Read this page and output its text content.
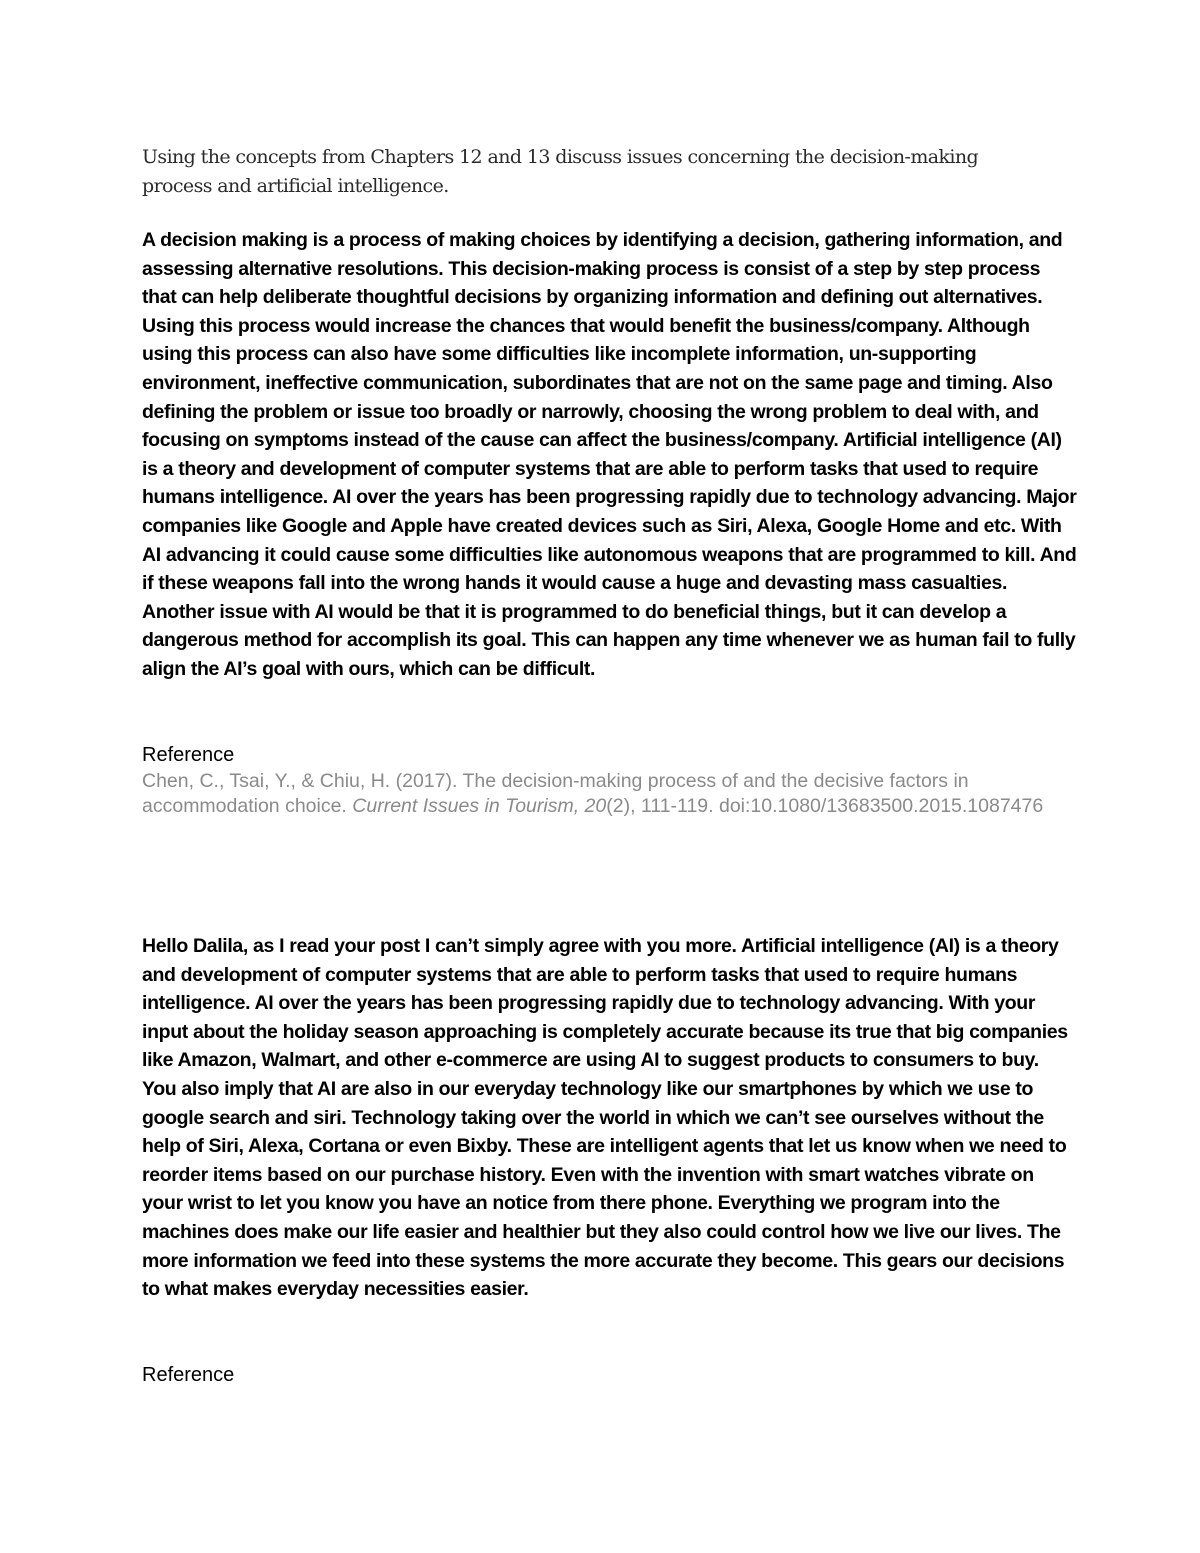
Using the concepts from Chapters 12 and 13 discuss issues concerning the decision-making process and artificial intelligence.

A decision making is a process of making choices by identifying a decision, gathering information, and assessing alternative resolutions. This decision-making process is consist of a step by step process that can help deliberate thoughtful decisions by organizing information and defining out alternatives. Using this process would increase the chances that would benefit the business/company. Although using this process can also have some difficulties like incomplete information, un-supporting environment, ineffective communication, subordinates that are not on the same page and timing. Also defining the problem or issue too broadly or narrowly, choosing the wrong problem to deal with, and focusing on symptoms instead of the cause can affect the business/company. Artificial intelligence (AI) is a theory and development of computer systems that are able to perform tasks that used to require humans intelligence. AI over the years has been progressing rapidly due to technology advancing. Major companies like Google and Apple have created devices such as Siri, Alexa, Google Home and etc. With AI advancing it could cause some difficulties like autonomous weapons that are programmed to kill. And if these weapons fall into the wrong hands it would cause a huge and devasting mass casualties. Another issue with AI would be that it is programmed to do beneficial things, but it can develop a dangerous method for accomplish its goal. This can happen any time whenever we as human fail to fully align the AI’s goal with ours, which can be difficult.

Reference

Chen, C., Tsai, Y., & Chiu, H. (2017). The decision-making process of and the decisive factors in accommodation choice. Current Issues in Tourism, 20(2), 111-119. doi:10.1080/13683500.2015.1087476

Hello Dalila, as I read your post I can’t simply agree with you more. Artificial intelligence (AI) is a theory and development of computer systems that are able to perform tasks that used to require humans intelligence. AI over the years has been progressing rapidly due to technology advancing. With your input about the holiday season approaching is completely accurate because its true that big companies like Amazon, Walmart, and other e-commerce are using AI to suggest products to consumers to buy. You also imply that AI are also in our everyday technology like our smartphones by which we use to google search and siri. Technology taking over the world in which we can’t see ourselves without the help of Siri, Alexa, Cortana or even Bixby. These are intelligent agents that let us know when we need to reorder items based on our purchase history. Even with the invention with smart watches vibrate on your wrist to let you know you have an notice from there phone. Everything we program into the machines does make our life easier and healthier but they also could control how we live our lives. The more information we feed into these systems the more accurate they become. This gears our decisions to what makes everyday necessities easier.

Reference
